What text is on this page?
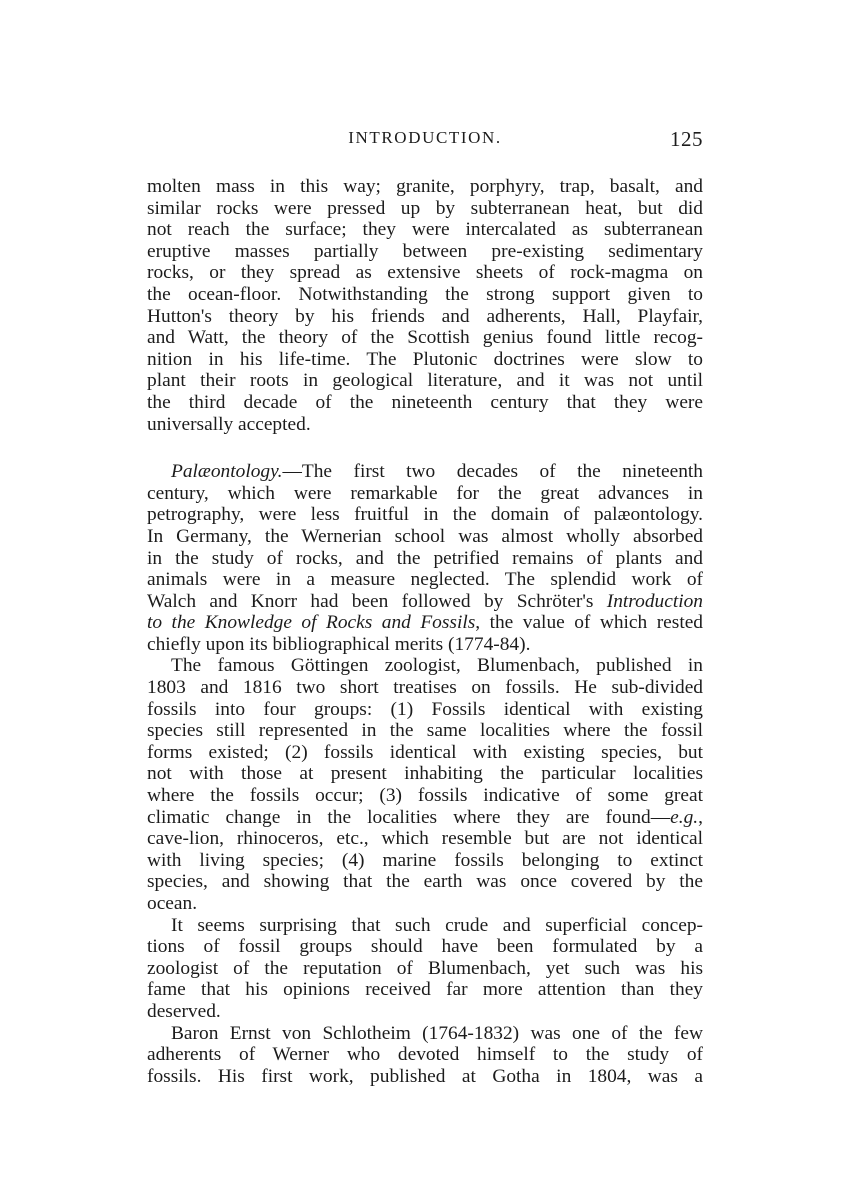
INTRODUCTION.	125
molten mass in this way; granite, porphyry, trap, basalt, and
similar rocks were pressed up by subterranean heat, but did
not reach the surface; they were intercalated as subterranean
eruptive masses partially between pre-existing sedimentary
rocks, or they spread as extensive sheets of rock-magma on
the ocean-floor. Notwithstanding the strong support given to
Hutton's theory by his friends and adherents, Hall, Playfair,
and Watt, the theory of the Scottish genius found little recog-
nition in his life-time. The Plutonic doctrines were slow to
plant their roots in geological literature, and it was not until
the third decade of the nineteenth century that they were
universally accepted.
Palæontology.—The first two decades of the nineteenth
century, which were remarkable for the great advances in
petrography, were less fruitful in the domain of palæontology.
In Germany, the Wernerian school was almost wholly absorbed
in the study of rocks, and the petrified remains of plants and
animals were in a measure neglected. The splendid work of
Walch and Knorr had been followed by Schröter's Introduction
to the Knowledge of Rocks and Fossils, the value of which rested
chiefly upon its bibliographical merits (1774-84).
The famous Göttingen zoologist, Blumenbach, published in
1803 and 1816 two short treatises on fossils. He sub-divided
fossils into four groups: (1) Fossils identical with existing
species still represented in the same localities where the fossil
forms existed; (2) fossils identical with existing species, but
not with those at present inhabiting the particular localities
where the fossils occur; (3) fossils indicative of some great
climatic change in the localities where they are found—e.g.,
cave-lion, rhinoceros, etc., which resemble but are not identical
with living species; (4) marine fossils belonging to extinct
species, and showing that the earth was once covered by the
ocean.
It seems surprising that such crude and superficial concep-
tions of fossil groups should have been formulated by a
zoologist of the reputation of Blumenbach, yet such was his
fame that his opinions received far more attention than they
deserved.
Baron Ernst von Schlotheim (1764-1832) was one of the few
adherents of Werner who devoted himself to the study of
fossils. His first work, published at Gotha in 1804, was a
